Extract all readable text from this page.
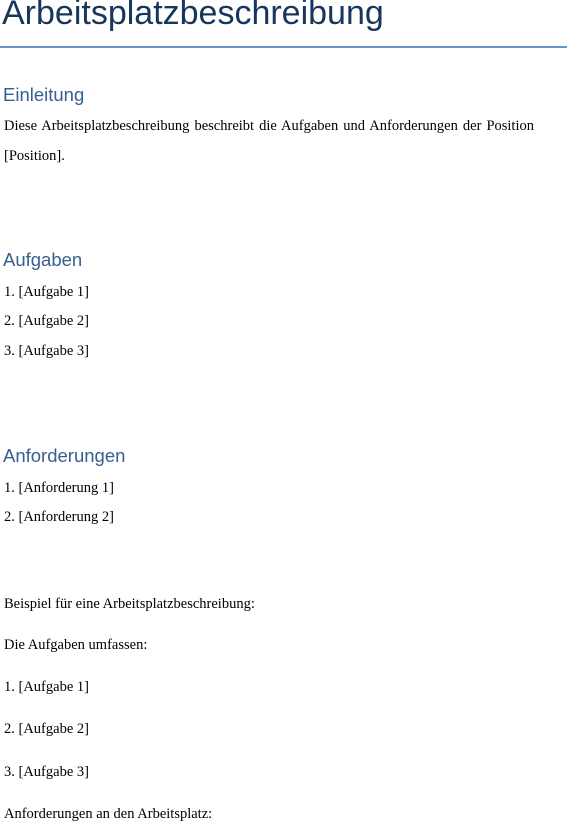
Arbeitsplatzbeschreibung
Einleitung

Diese Arbeitsplatzbeschreibung beschreibt die Aufgaben und Anforderungen der Position

[Position].

Aufgaben

1. [Aufgabe 1]

2. [Aufgabe 2]

3. [Aufgabe 3]

Anforderungen

1. [Anforderung 1]

2. [Anforderung 2]

Beispiel für eine Arbeitsplatzbeschreibung:

Die Aufgaben umfassen:

1. [Aufgabe 1]

2. [Aufgabe 2]

3. [Aufgabe 3]

Anforderungen an den Arbeitsplatz:
